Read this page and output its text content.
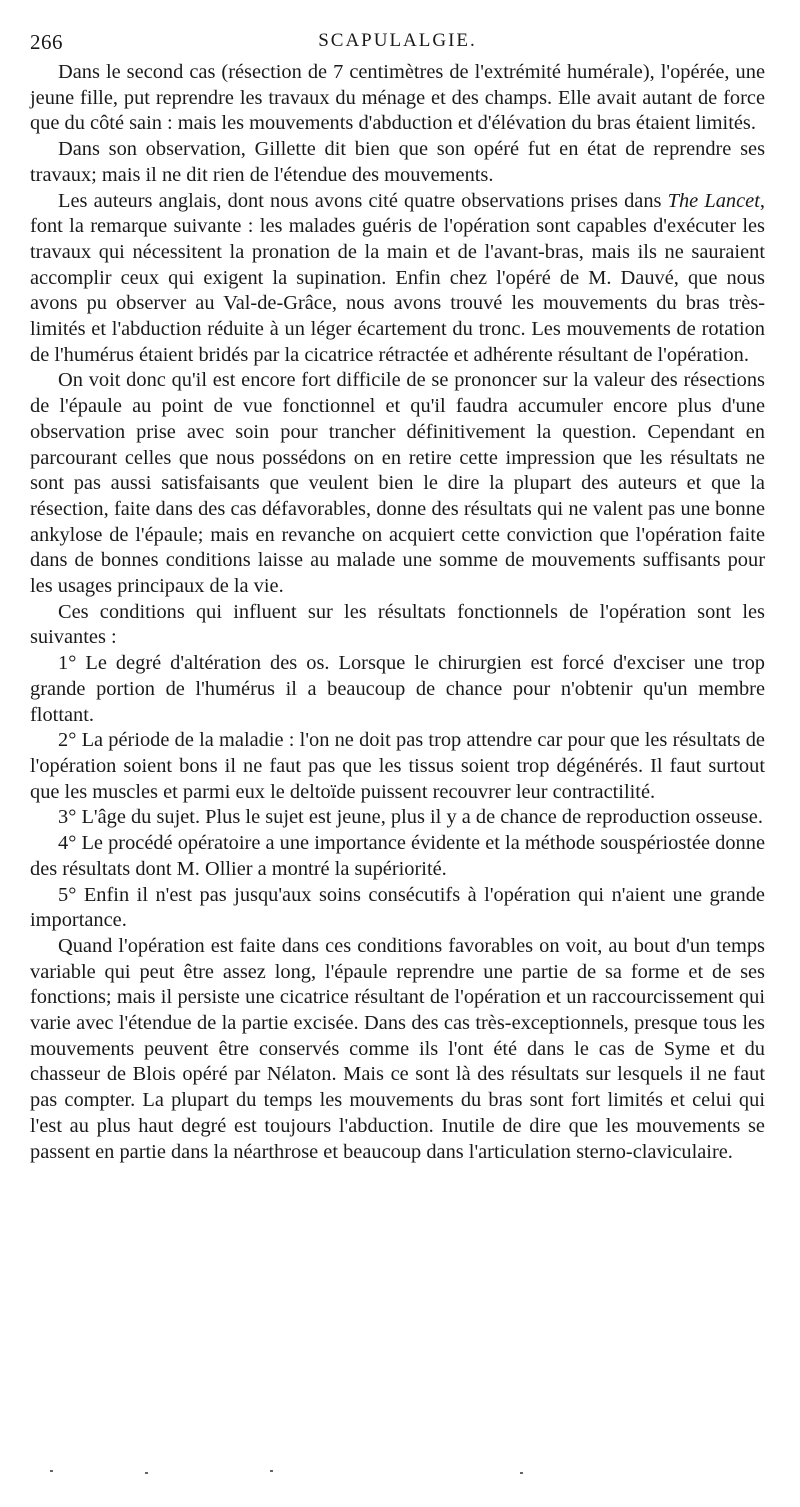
266	SCAPULALGIE.

Dans le second cas (résection de 7 centimètres de l'extrémité humérale), l'opérée, une jeune fille, put reprendre les travaux du ménage et des champs. Elle avait autant de force que du côté sain : mais les mouvements d'abduction et d'élévation du bras étaient limités.

Dans son observation, Gillette dit bien que son opéré fut en état de reprendre ses travaux; mais il ne dit rien de l'étendue des mouvements.

Les auteurs anglais, dont nous avons cité quatre observations prises dans The Lancet, font la remarque suivante : les malades guéris de l'opération sont capables d'exécuter les travaux qui nécessitent la pronation de la main et de l'avant-bras, mais ils ne sauraient accomplir ceux qui exigent la supination. Enfin chez l'opéré de M. Dauvé, que nous avons pu observer au Val-de-Grâce, nous avons trouvé les mouvements du bras très-limités et l'abduction réduite à un léger écartement du tronc. Les mouvements de rotation de l'humérus étaient bridés par la cicatrice rétractée et adhérente résultant de l'opération.

On voit donc qu'il est encore fort difficile de se prononcer sur la valeur des résections de l'épaule au point de vue fonctionnel et qu'il faudra accumuler encore plus d'une observation prise avec soin pour trancher définitivement la question. Cependant en parcourant celles que nous possédons on en retire cette impression que les résultats ne sont pas aussi satisfaisants que veulent bien le dire la plupart des auteurs et que la résection, faite dans des cas défavorables, donne des résultats qui ne valent pas une bonne ankylose de l'épaule; mais en revanche on acquiert cette conviction que l'opération faite dans de bonnes conditions laisse au malade une somme de mouvements suffisants pour les usages principaux de la vie.

Ces conditions qui influent sur les résultats fonctionnels de l'opération sont les suivantes :

1° Le degré d'altération des os. Lorsque le chirurgien est forcé d'exciser une trop grande portion de l'humérus il a beaucoup de chance pour n'obtenir qu'un membre flottant.

2° La période de la maladie : l'on ne doit pas trop attendre car pour que les résultats de l'opération soient bons il ne faut pas que les tissus soient trop dégénérés. Il faut surtout que les muscles et parmi eux le deltoïde puissent recouvrer leur contractilité.

3° L'âge du sujet. Plus le sujet est jeune, plus il y a de chance de reproduction osseuse.

4° Le procédé opératoire a une importance évidente et la méthode souspériostée donne des résultats dont M. Ollier a montré la supériorité.

5° Enfin il n'est pas jusqu'aux soins consécutifs à l'opération qui n'aient une grande importance.

Quand l'opération est faite dans ces conditions favorables on voit, au bout d'un temps variable qui peut être assez long, l'épaule reprendre une partie de sa forme et de ses fonctions; mais il persiste une cicatrice résultant de l'opération et un raccourcissement qui varie avec l'étendue de la partie excisée. Dans des cas très-exceptionnels, presque tous les mouvements peuvent être conservés comme ils l'ont été dans le cas de Syme et du chasseur de Blois opéré par Nélaton. Mais ce sont là des résultats sur lesquels il ne faut pas compter. La plupart du temps les mouvements du bras sont fort limités et celui qui l'est au plus haut degré est toujours l'abduction. Inutile de dire que les mouvements se passent en partie dans la néarthrose et beaucoup dans l'articulation sterno-claviculaire.
